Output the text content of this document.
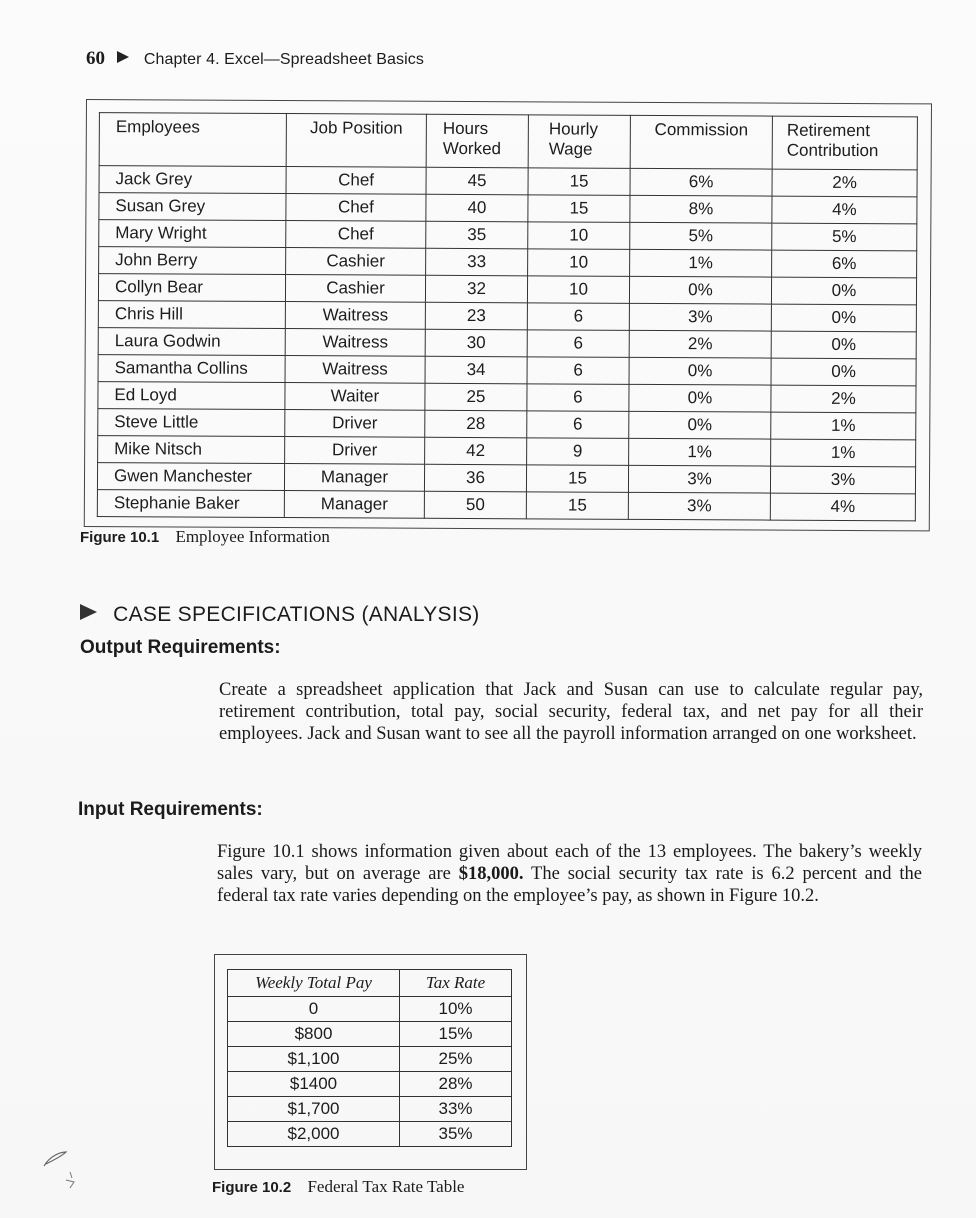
60 Chapter 4. Excel—Spreadsheet Basics
Employees	Job Position	Hours Worked	Hourly Wage	Commission	Retirement Contribution
Jack Grey	Chef	45	15	6%	2%
Susan Grey	Chef	40	15	8%	4%
Mary Wright	Chef	35	10	5%	5%
John Berry	Cashier	33	10	1%	6%
Collyn Bear	Cashier	32	10	0%	0%
Chris Hill	Waitress	23	6	3%	0%
Laura Godwin	Waitress	30	6	2%	0%
Samantha Collins	Waitress	34	6	0%	0%
Ed Loyd	Waiter	25	6	0%	2%
Steve Little	Driver	28	6	0%	1%
Mike Nitsch	Driver	42	9	1%	1%
Gwen Manchester	Manager	36	15	3%	3%
Stephanie Baker	Manager	50	15	3%	4%
Figure 10.1 Employee Information
CASE SPECIFICATIONS (ANALYSIS)
Output Requirements:
Create a spreadsheet application that Jack and Susan can use to calculate regular pay, retirement contribution, total pay, social security, federal tax, and net pay for all their employees. Jack and Susan want to see all the payroll information arranged on one worksheet.
Input Requirements:
Figure 10.1 shows information given about each of the 13 employees. The bakery’s weekly sales vary, but on average are $18,000. The social security tax rate is 6.2 percent and the federal tax rate varies depending on the employee’s pay, as shown in Figure 10.2.
Weekly Total Pay	Tax Rate
0	10%
$800	15%
$1,100	25%
$1400	28%
$1,700	33%
$2,000	35%
Figure 10.2 Federal Tax Rate Table
